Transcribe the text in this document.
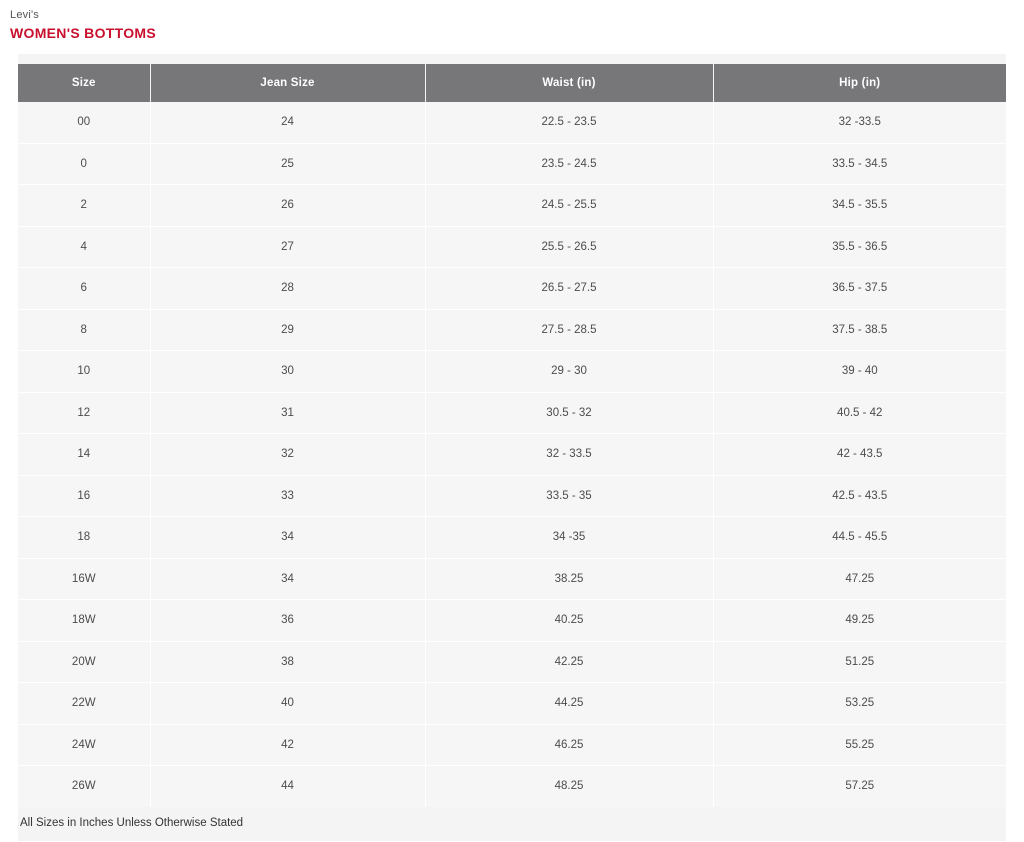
Levi's
WOMEN'S BOTTOMS
Size	Jean Size	Waist (in)	Hip (in)
00	24	22.5 - 23.5	32 -33.5
0	25	23.5 - 24.5	33.5 - 34.5
2	26	24.5 - 25.5	34.5 - 35.5
4	27	25.5 - 26.5	35.5 - 36.5
6	28	26.5 - 27.5	36.5 - 37.5
8	29	27.5 - 28.5	37.5 - 38.5
10	30	29 - 30	39 - 40
12	31	30.5 - 32	40.5 - 42
14	32	32 - 33.5	42 - 43.5
16	33	33.5 - 35	42.5 - 43.5
18	34	34 -35	44.5 - 45.5
16W	34	38.25	47.25
18W	36	40.25	49.25
20W	38	42.25	51.25
22W	40	44.25	53.25
24W	42	46.25	55.25
26W	44	48.25	57.25
All Sizes in Inches Unless Otherwise Stated
